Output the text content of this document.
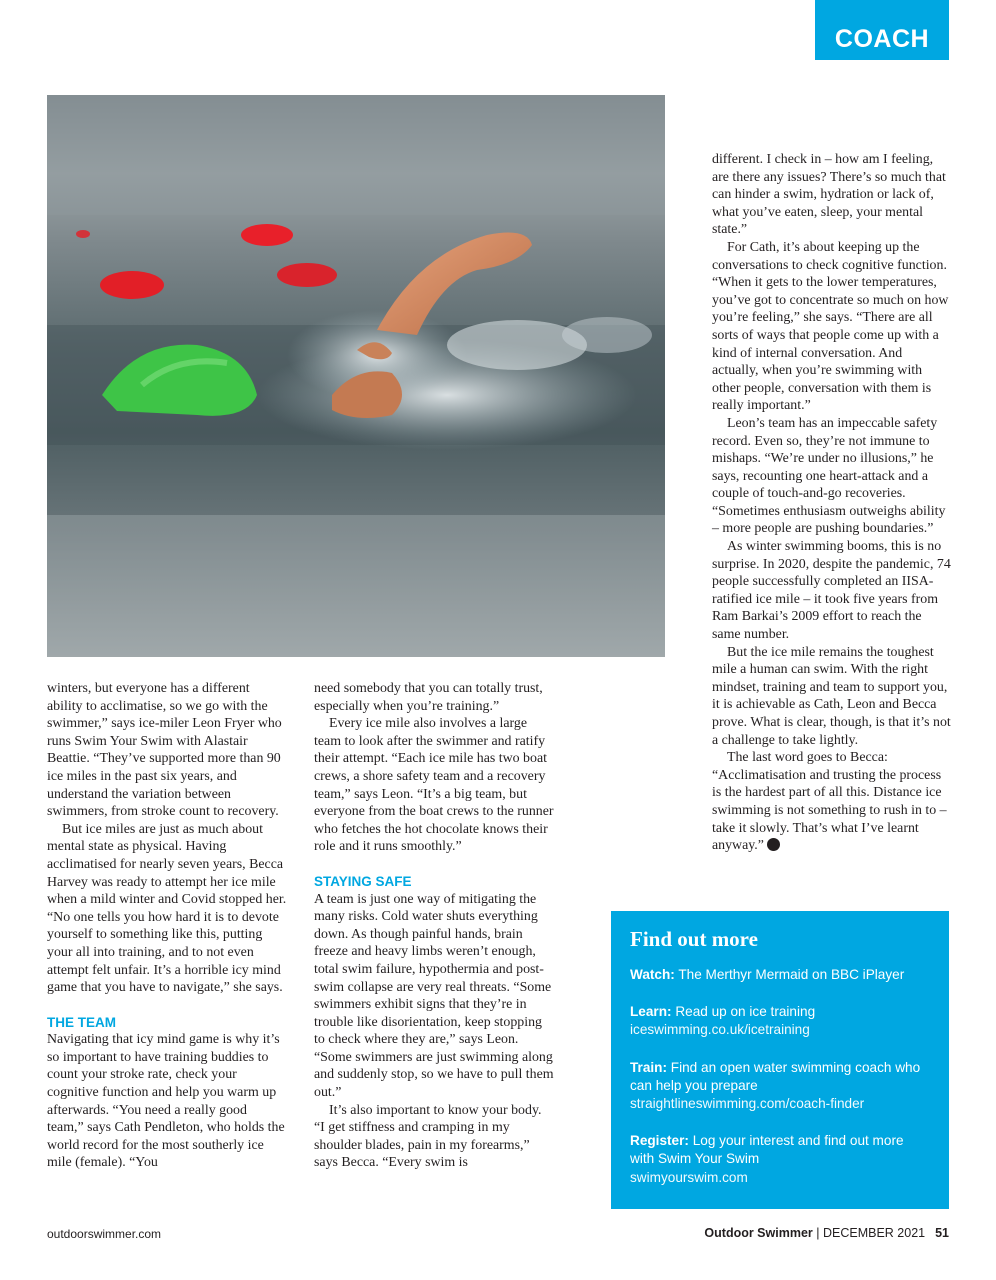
COACH

winters, but everyone has a different ability to acclimatise, so we go with the swimmer,” says ice-miler Leon Fryer who runs Swim Your Swim with Alastair Beattie. “They’ve supported more than 90 ice miles in the past six years, and understand the variation between swimmers, from stroke count to recovery.

But ice miles are just as much about mental state as physical. Having acclimatised for nearly seven years, Becca Harvey was ready to attempt her ice mile when a mild winter and Covid stopped her. “No one tells you how hard it is to devote yourself to something like this, putting your all into training, and to not even attempt felt unfair. It’s a horrible icy mind game that you have to navigate,” she says.

THE TEAM

Navigating that icy mind game is why it’s so important to have training buddies to count your stroke rate, check your cognitive function and help you warm up afterwards. “You need a really good team,” says Cath Pendleton, who holds the world record for the most southerly ice mile (female). “You

need somebody that you can totally trust, especially when you’re training.”

Every ice mile also involves a large team to look after the swimmer and ratify their attempt. “Each ice mile has two boat crews, a shore safety team and a recovery team,” says Leon. “It’s a big team, but everyone from the boat crews to the runner who fetches the hot chocolate knows their role and it runs smoothly.”

STAYING SAFE

A team is just one way of mitigating the many risks. Cold water shuts everything down. As though painful hands, brain freeze and heavy limbs weren’t enough, total swim failure, hypothermia and post-swim collapse are very real threats. “Some swimmers exhibit signs that they’re in trouble like disorientation, keep stopping to check where they are,” says Leon. “Some swimmers are just swimming along and suddenly stop, so we have to pull them out.”

It’s also important to know your body. “I get stiffness and cramping in my shoulder blades, pain in my forearms,” says Becca. “Every swim is

different. I check in – how am I feeling, are there any issues? There’s so much that can hinder a swim, hydration or lack of, what you’ve eaten, sleep, your mental state.”

For Cath, it’s about keeping up the conversations to check cognitive function. “When it gets to the lower temperatures, you’ve got to concentrate so much on how you’re feeling,” she says. “There are all sorts of ways that people come up with a kind of internal conversation. And actually, when you’re swimming with other people, conversation with them is really important.”

Leon’s team has an impeccable safety record. Even so, they’re not immune to mishaps. “We’re under no illusions,” he says, recounting one heart-attack and a couple of touch-and-go recoveries. “Sometimes enthusiasm outweighs ability – more people are pushing boundaries.”

As winter swimming booms, this is no surprise. In 2020, despite the pandemic, 74 people successfully completed an IISA-ratified ice mile – it took five years from Ram Barkai’s 2009 effort to reach the same number.

But the ice mile remains the toughest mile a human can swim. With the right mindset, training and team to support you, it is achievable as Cath, Leon and Becca prove. What is clear, though, is that it’s not a challenge to take lightly.

The last word goes to Becca: “Acclimatisation and trusting the process is the hardest part of all this. Distance ice swimming is not something to rush in to – take it slowly. That’s what I’ve learnt anyway.”

Find out more
Watch: The Merthyr Mermaid on BBC iPlayer
Learn: Read up on ice training
iceswimming.co.uk/icetraining
Train: Find an open water swimming coach who can help you prepare
straightlineswimming.com/coach-finder
Register: Log your interest and find out more with Swim Your Swim
swimyourswim.com
outdoorswimmer.com	Outdoor Swimmer | DECEMBER 2021 51
